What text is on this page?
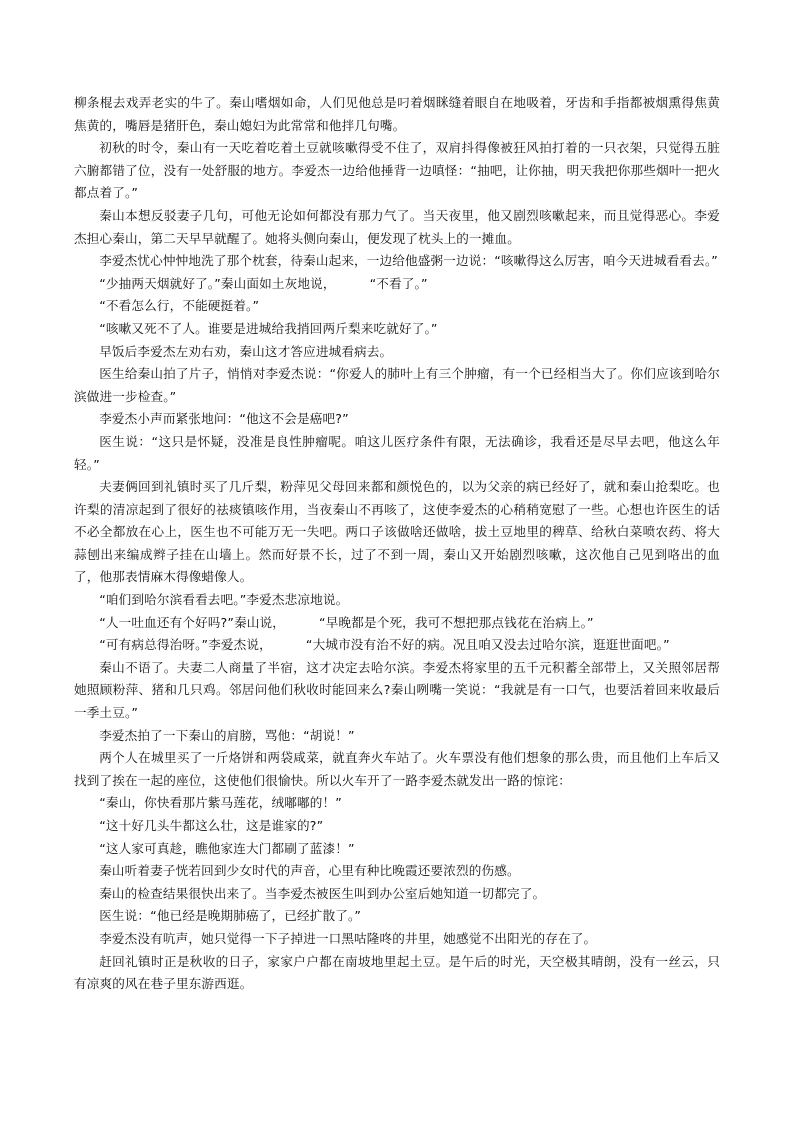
柳条棍去戏弄老实的牛了。秦山嗜烟如命，人们见他总是叼着烟眯缝着眼自在地吸着，牙齿和手指都被烟熏得焦黄焦黄的，嘴唇是猪肝色，秦山媳妇为此常常和他拌几句嘴。

初秋的时令，秦山有一天吃着吃着土豆就咳嗽得受不住了，双肩抖得像被狂风拍打着的一只衣架，只觉得五脏六腑都错了位，没有一处舒服的地方。李爱杰一边给他捶背一边嗔怪：“抽吧，让你抽，明天我把你那些烟叶一把火都点着了。”

秦山本想反驳妻子几句，可他无论如何都没有那力气了。当天夜里，他又剧烈咳嗽起来，而且觉得恶心。李爱杰担心秦山，第二天早早就醒了。她将头侧向秦山，便发现了枕头上的一摊血。

李爱杰忧心忡忡地洗了那个枕套，待秦山起来，一边给他盛粥一边说：“咳嗽得这么厉害，咱今天进城看看去。”

“少抽两天烟就好了。”秦山面如土灰地说，	“不看了。”

“不看怎么行，不能硬挺着。”

“咳嗽又死不了人。谁要是进城给我捎回两斤梨来吃就好了。”

早饭后李爱杰左劝右劝，秦山这才答应进城看病去。

医生给秦山拍了片子，悄悄对李爱杰说：“你爱人的肺叶上有三个肿瘤，有一个已经相当大了。你们应该到哈尔滨做进一步检查。”

李爱杰小声而紧张地问：“他这不会是癌吧?”

医生说：“这只是怀疑，没准是良性肿瘤呢。咱这儿医疗条件有限，无法确诊，我看还是尽早去吧，他这么年轻。”

夫妻俩回到礼镇时买了几斤梨，粉萍见父母回来都和颜悦色的，以为父亲的病已经好了，就和秦山抢梨吃。也许梨的清凉起到了很好的祛痰镇咳作用，当夜秦山不再咳了，这使李爱杰的心稍稍宽慰了一些。心想也许医生的话不必全都放在心上，医生也不可能万无一失吧。两口子该做啥还做啥，拔土豆地里的稗草、给秋白菜喷农药、将大蒜刨出来编成辫子挂在山墙上。然而好景不长，过了不到一周，秦山又开始剧烈咳嗽，这次他自己见到咯出的血了，他那表情麻木得像蜡像人。

“咱们到哈尔滨看看去吧。”李爱杰悲凉地说。

“人一吐血还有个好吗?”秦山说，	“早晚都是个死，我可不想把那点钱花在治病上。”

“可有病总得治呀。”李爱杰说，	“大城市没有治不好的病。况且咱又没去过哈尔滨，逛逛世面吧。”

秦山不语了。夫妻二人商量了半宿，这才决定去哈尔滨。李爱杰将家里的五千元积蓄全部带上，又关照邻居帮她照顾粉萍、猪和几只鸡。邻居问他们秋收时能回来么?秦山咧嘴一笑说：“我就是有一口气，也要活着回来收最后一季土豆。”

李爱杰拍了一下秦山的肩膀，骂他：“胡说！”

两个人在城里买了一斤烙饼和两袋咸菜，就直奔火车站了。火车票没有他们想象的那么贵，而且他们上车后又找到了挨在一起的座位，这使他们很愉快。所以火车开了一路李爱杰就发出一路的惊诧：

“秦山，你快看那片紫马莲花，绒嘟嘟的！”

“这十好几头牛都这么壮，这是谁家的?”

“这人家可真趁，瞧他家连大门都刷了蓝漆！”

秦山听着妻子恍若回到少女时代的声音，心里有种比晚霞还要浓烈的伤感。

秦山的检查结果很快出来了。当李爱杰被医生叫到办公室后她知道一切都完了。

医生说：“他已经是晚期肺癌了，已经扩散了。”

李爱杰没有吭声，她只觉得一下子掉进一口黑咕隆咚的井里，她感觉不出阳光的存在了。

赶回礼镇时正是秋收的日子，家家户户都在南坡地里起土豆。是午后的时光，天空极其晴朗，没有一丝云，只有凉爽的风在巷子里东游西逛。
